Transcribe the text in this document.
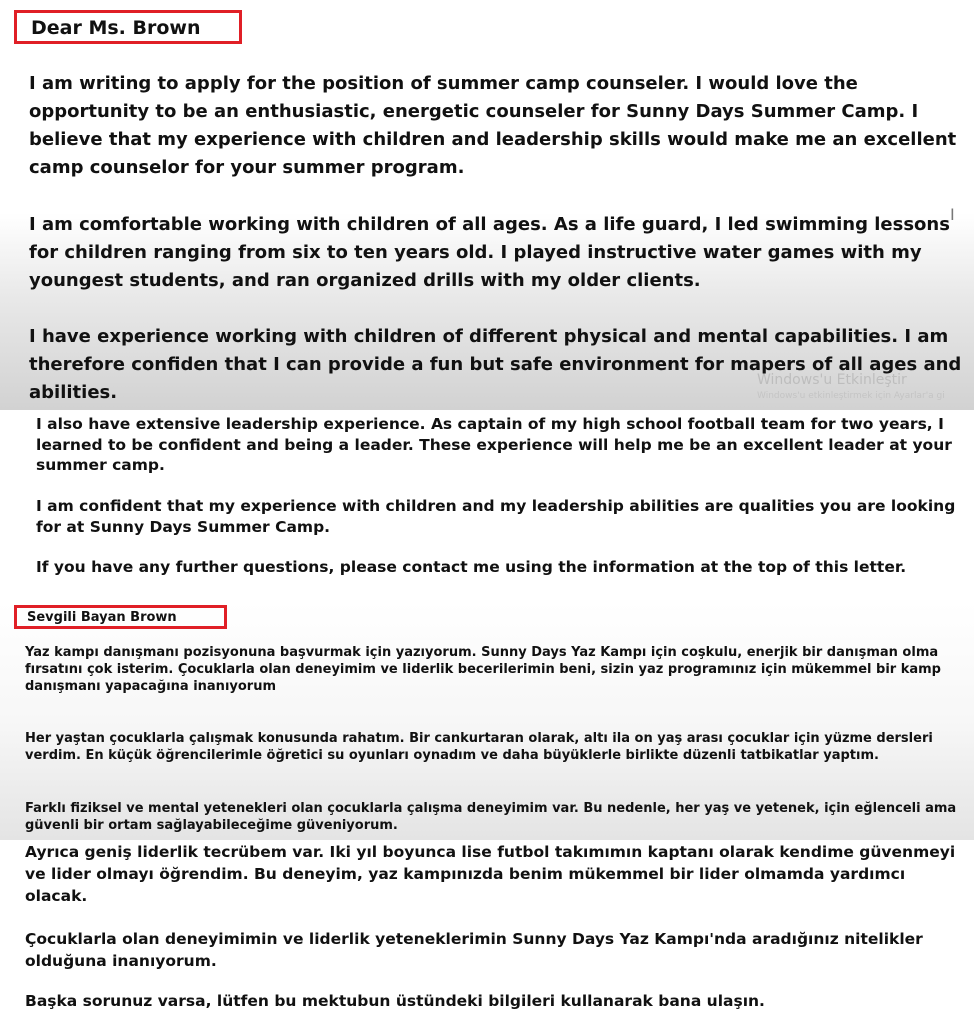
Dear Ms. Brown

I am writing to apply for the position of summer camp counseler. I would love the opportunity to be an enthusiastic, energetic counseler for Sunny Days Summer Camp. I believe that my experience with children and leadership skills would make me an excellent camp counselor for your summer program.

I am comfortable working with children of all ages. As a life guard, I led swimming lessons for children ranging from six to ten years old. I played instructive water games with my youngest students, and ran organized drills with my older clients.

I have experience working with children of different physical and mental capabilities. I am therefore confiden that I can provide a fun but safe environment for mapers of all ages and abilities.

Windows'u Etkinleştir
Windows'u etkinleştirmek için Ayarlar'a gi
I

I also have extensive leadership experience. As captain of my high school football team for two years, I learned to be confident and being a leader. These experience will help me be an excellent leader at your summer camp.

I am confident that my experience with children and my leadership abilities are qualities you are looking for at Sunny Days Summer Camp.

If you have any further questions, please contact me using the information at the top of this letter.

Sevgili Bayan Brown

Yaz kampı danışmanı pozisyonuna başvurmak için yazıyorum. Sunny Days Yaz Kampı için coşkulu, enerjik bir danışman olma fırsatını çok isterim. Çocuklarla olan deneyimim ve liderlik becerilerimin beni, sizin yaz programınız için mükemmel bir kamp danışmanı yapacağına inanıyorum

Her yaştan çocuklarla çalışmak konusunda rahatım. Bir cankurtaran olarak, altı ila on yaş arası çocuklar için yüzme dersleri verdim. En küçük öğrencilerimle öğretici su oyunları oynadım ve daha büyüklerle birlikte düzenli tatbikatlar yaptım.

Farklı fiziksel ve mental yetenekleri olan çocuklarla çalışma deneyimim var. Bu nedenle, her yaş ve yetenek, için eğlenceli ama güvenli bir ortam sağlayabileceğime güveniyorum.

Ayrıca geniş liderlik tecrübem var. Iki yıl boyunca lise futbol takımımın kaptanı olarak kendime güvenmeyi ve lider olmayı öğrendim. Bu deneyim, yaz kampınızda benim mükemmel bir lider olmamda yardımcı olacak.

Çocuklarla olan deneyimimin ve liderlik yeteneklerimin Sunny Days Yaz Kampı'nda aradığınız nitelikler olduğuna inanıyorum.

Başka sorunuz varsa, lütfen bu mektubun üstündeki bilgileri kullanarak bana ulaşın.
